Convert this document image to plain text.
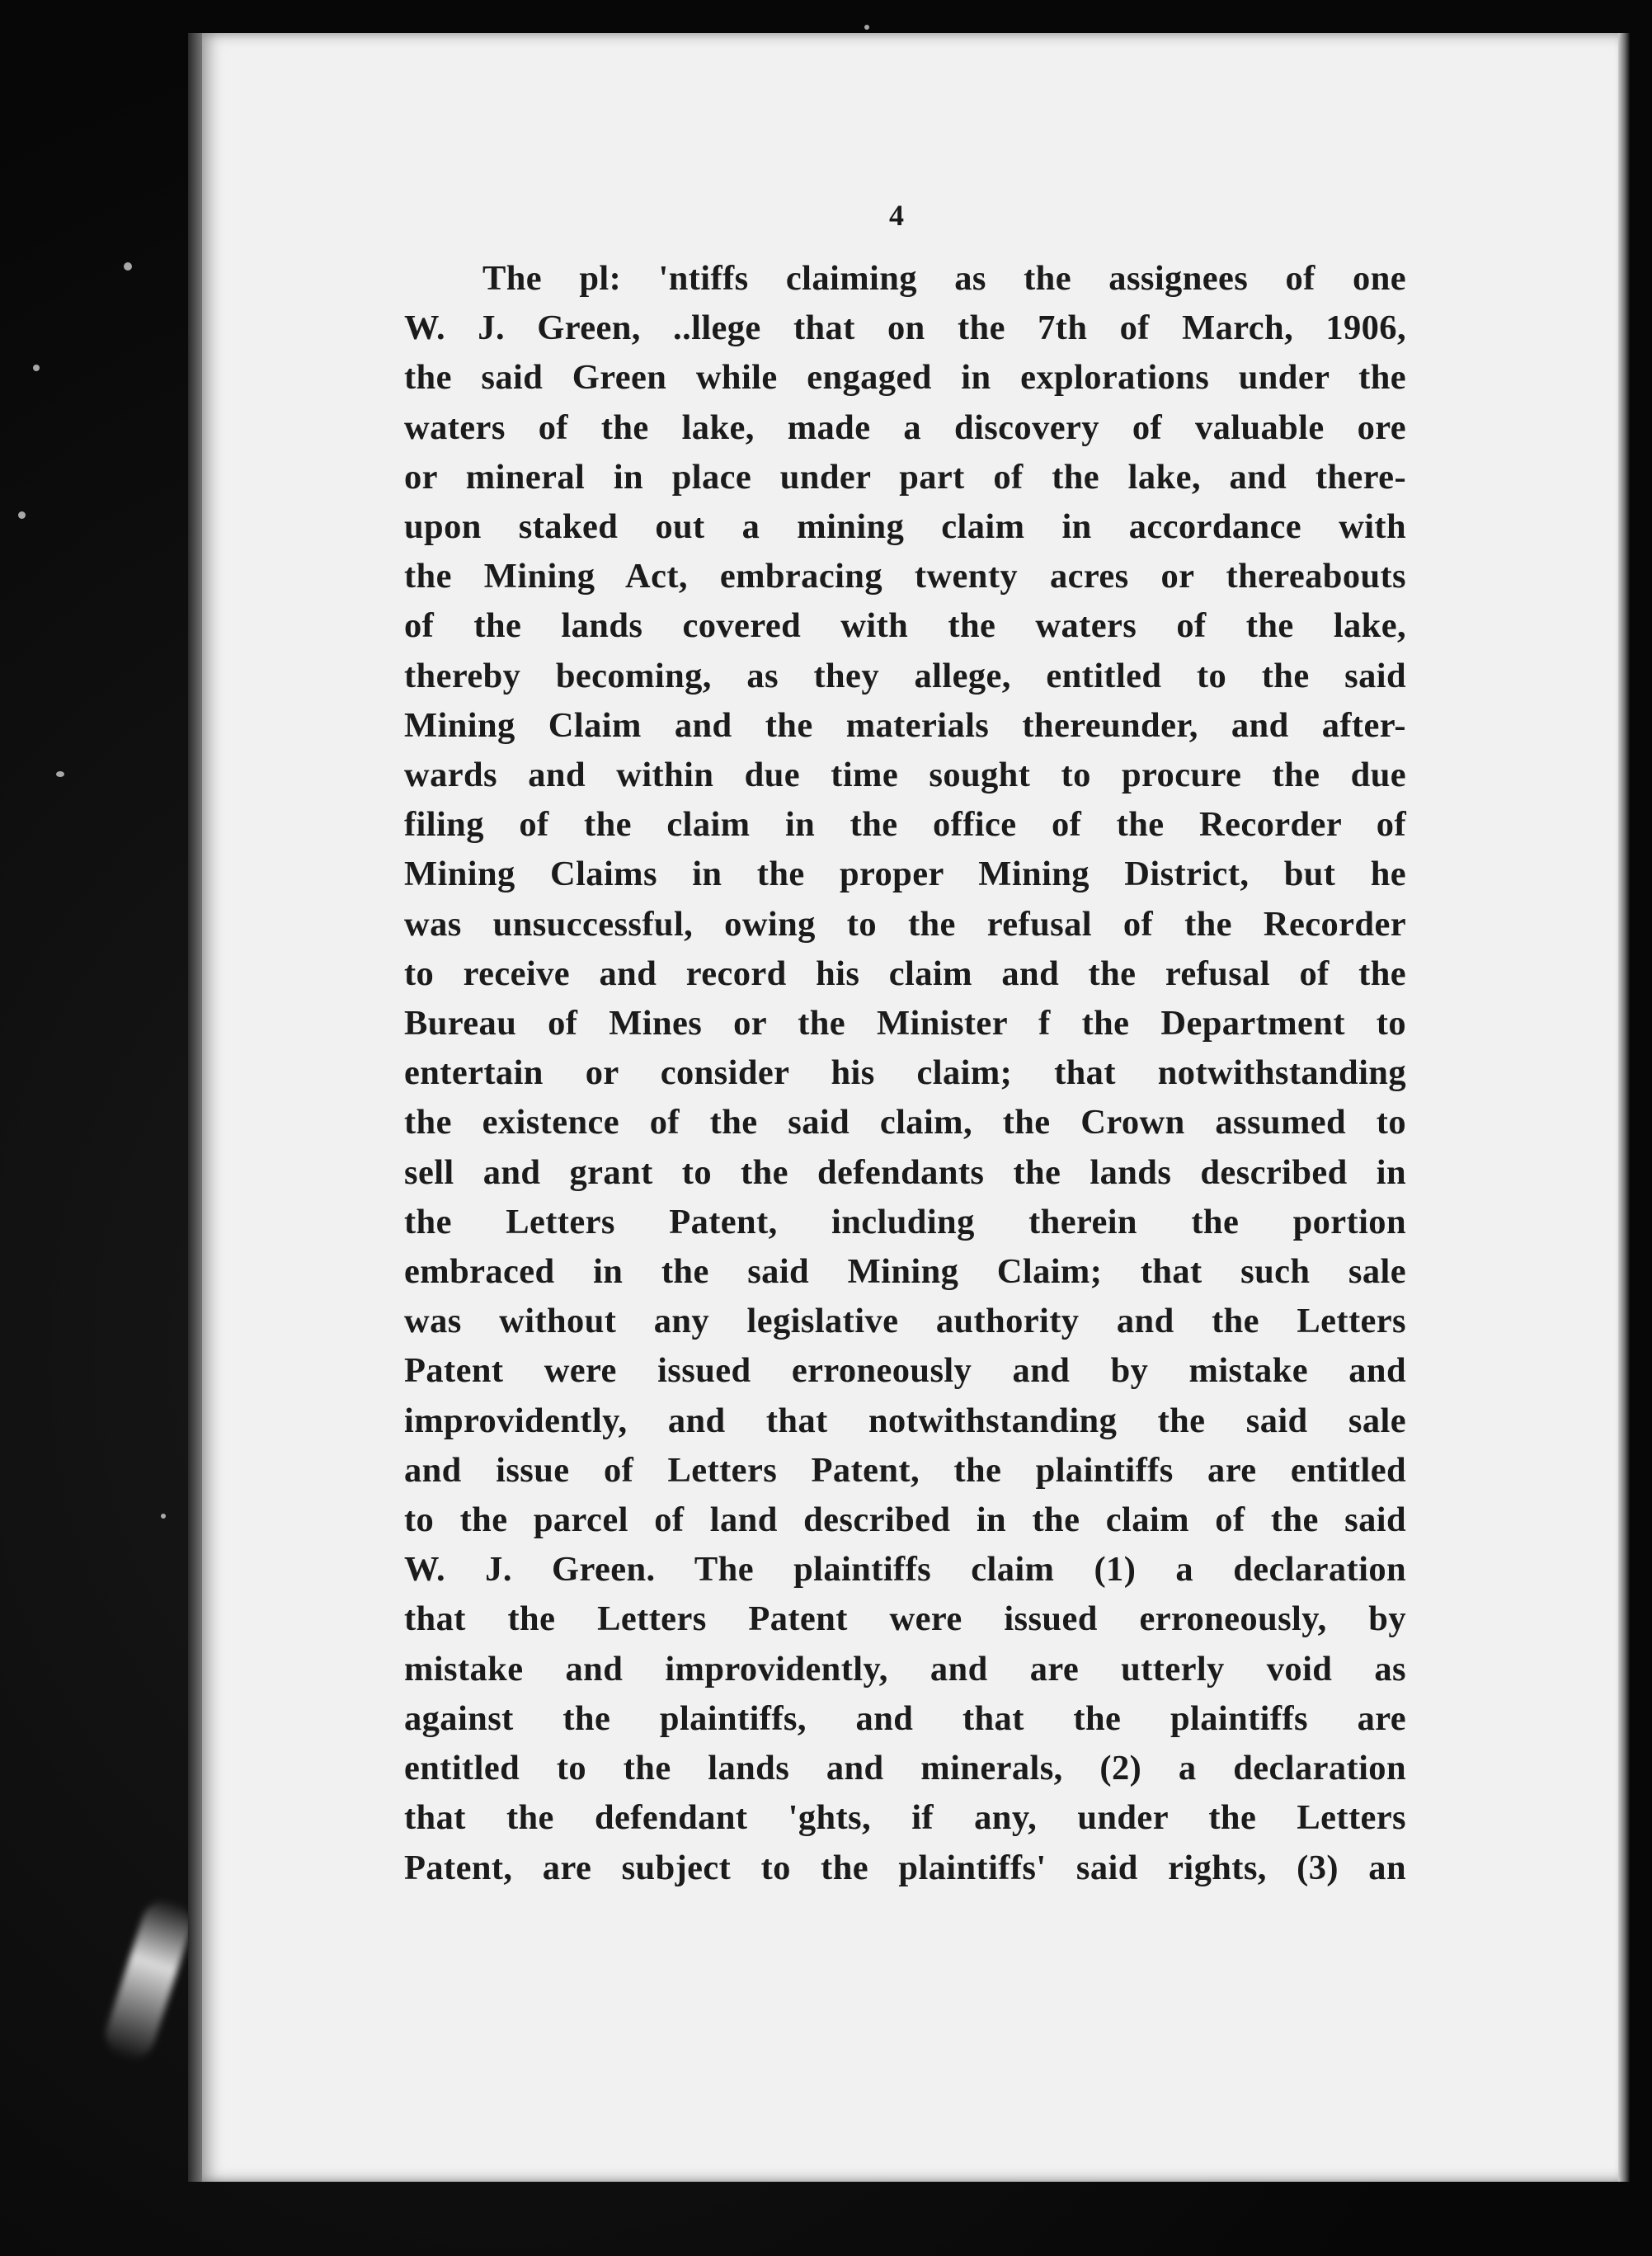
4
The pl: 'ntiffs claiming as the assignees of one
W. J. Green, ..llege that on the 7th of March, 1906,
the said Green while engaged in explorations under the
waters of the lake, made a discovery of valuable ore
or mineral in place under part of the lake, and there-
upon staked out a mining claim in accordance with
the Mining Act, embracing twenty acres or thereabouts
of the lands covered with the waters of the lake,
thereby becoming, as they allege, entitled to the said
Mining Claim and the materials thereunder, and after-
wards and within due time sought to procure the due
filing of the claim in the office of the Recorder of
Mining Claims in the proper Mining District, but he
was unsuccessful, owing to the refusal of the Recorder
to receive and record his claim and the refusal of the
Bureau of Mines or the Minister f the Department to
entertain or consider his claim; that notwithstanding
the existence of the said claim, the Crown assumed to
sell and grant to the defendants the lands described in
the Letters Patent, including therein the portion
embraced in the said Mining Claim; that such sale
was without any legislative authority and the Letters
Patent were issued erroneously and by mistake and
improvidently, and that notwithstanding the said sale
and issue of Letters Patent, the plaintiffs are entitled
to the parcel of land described in the claim of the said
W. J. Green. The plaintiffs claim (1) a declaration
that the Letters Patent were issued erroneously, by
mistake and improvidently, and are utterly void as
against the plaintiffs, and that the plaintiffs are
entitled to the lands and minerals, (2) a declaration
that the defendant 'ghts, if any, under the Letters
Patent, are subject to the plaintiffs' said rights, (3) an
